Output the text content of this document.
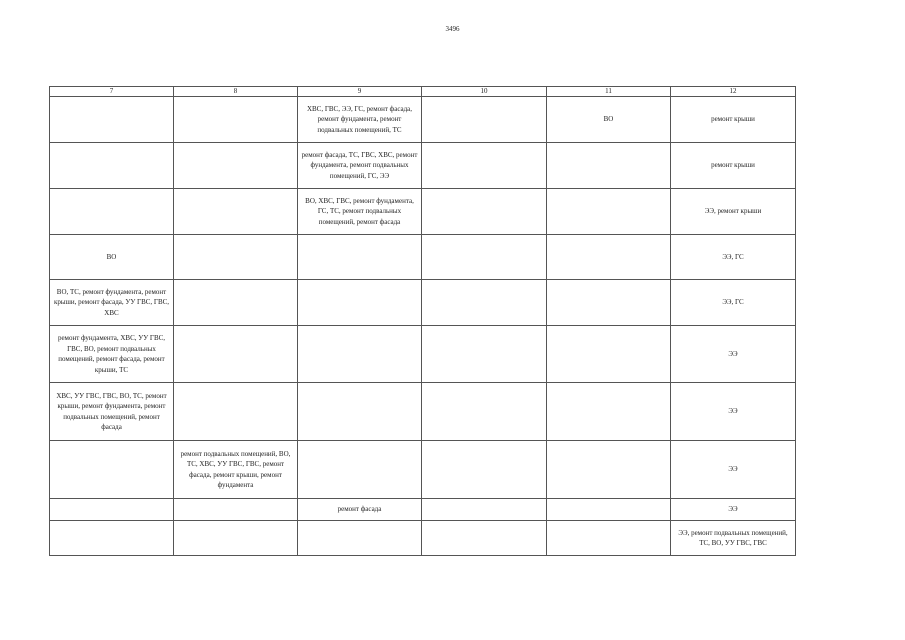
3496
7	8	9	10	11	12
		ХВС, ГВС, ЭЭ, ГС, ремонт фасада, ремонт фундамента, ремонт подвальных помещений, ТС		ВО	ремонт крыши
		ремонт фасада, ТС, ГВС, ХВС, ремонт фундамента, ремонт подвальных помещений, ГС, ЭЭ			ремонт крыши
		ВО, ХВС, ГВС, ремонт фундамента, ГС, ТС, ремонт подвальных помещений, ремонт фасада			ЭЭ, ремонт крыши
ВО					ЭЭ, ГС
ВО, ТС, ремонт фундамента, ремонт крыши, ремонт фасада, УУ ГВС, ГВС, ХВС					ЭЭ, ГС
ремонт фундамента, ХВС, УУ ГВС, ГВС, ВО, ремонт подвальных помещений, ремонт фасада, ремонт крыши, ТС					ЭЭ
ХВС, УУ ГВС, ГВС, ВО, ТС, ремонт крыши, ремонт фундамента, ремонт подвальных помещений, ремонт фасада					ЭЭ
	ремонт подвальных помещений, ВО, ТС, ХВС, УУ ГВС, ГВС, ремонт фасада, ремонт крыши, ремонт фундамента				ЭЭ
		ремонт фасада			ЭЭ
					ЭЭ, ремонт подвальных помещений, ТС, ВО, УУ ГВС, ГВС
